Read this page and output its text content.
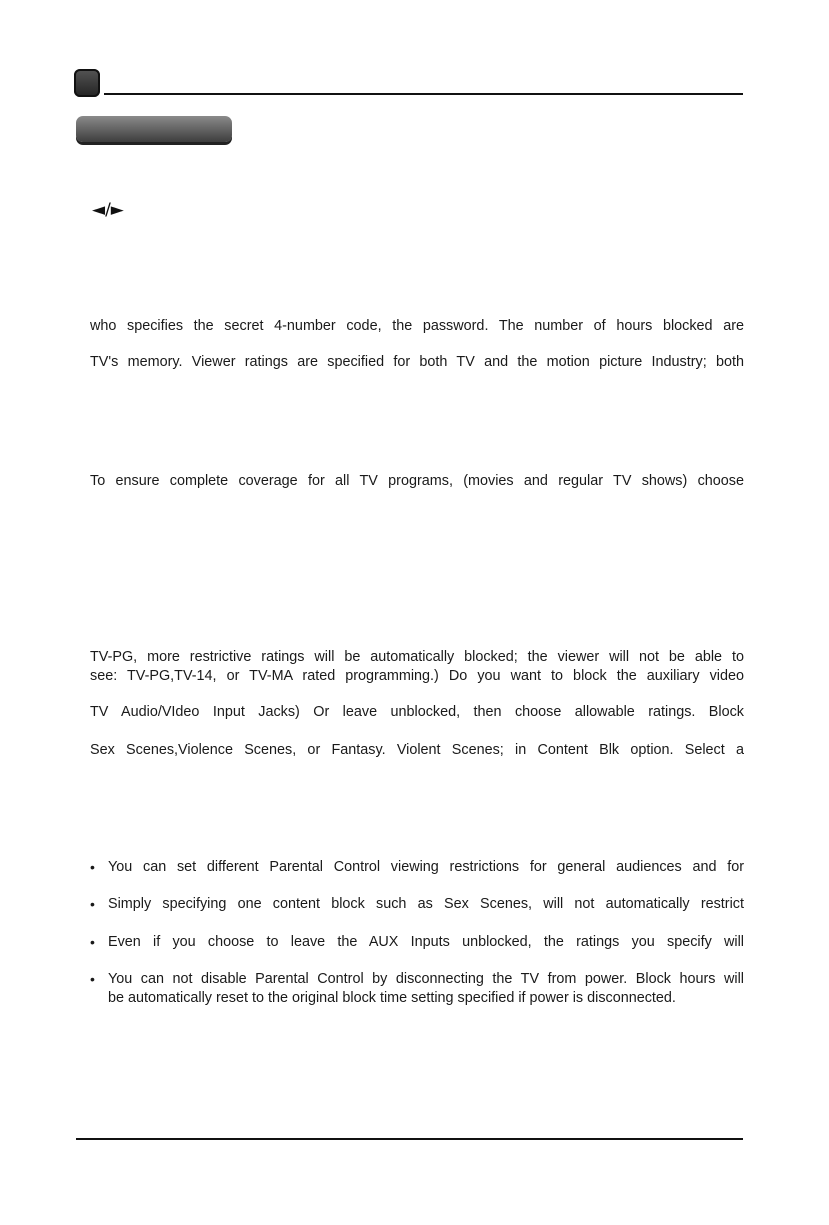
◄/►
who specifies the secret 4-number code, the password. The number of hours blocked are
TV's memory. Viewer ratings are specified for both TV and the motion picture Industry; both
To ensure complete coverage for all TV programs, (movies and regular TV shows) choose
TV-PG, more restrictive ratings will be automatically blocked; the viewer will not be able to
see: TV-PG,TV-14, or TV-MA rated programming.) Do you want to block the auxiliary video
TV Audio/VIdeo Input Jacks) Or leave unblocked, then choose allowable ratings. Block
Sex Scenes,Violence Scenes, or Fantasy. Violent Scenes; in Content Blk option. Select a
• You can set different Parental Control viewing restrictions for general audiences and for
• Simply specifying one content block such as Sex Scenes, will not automatically restrict
• Even if you choose to leave the AUX Inputs unblocked, the ratings you specify will
• You can not disable Parental Control by disconnecting the TV from power. Block hours will
be automatically reset to the original block time setting specified if power is disconnected.
